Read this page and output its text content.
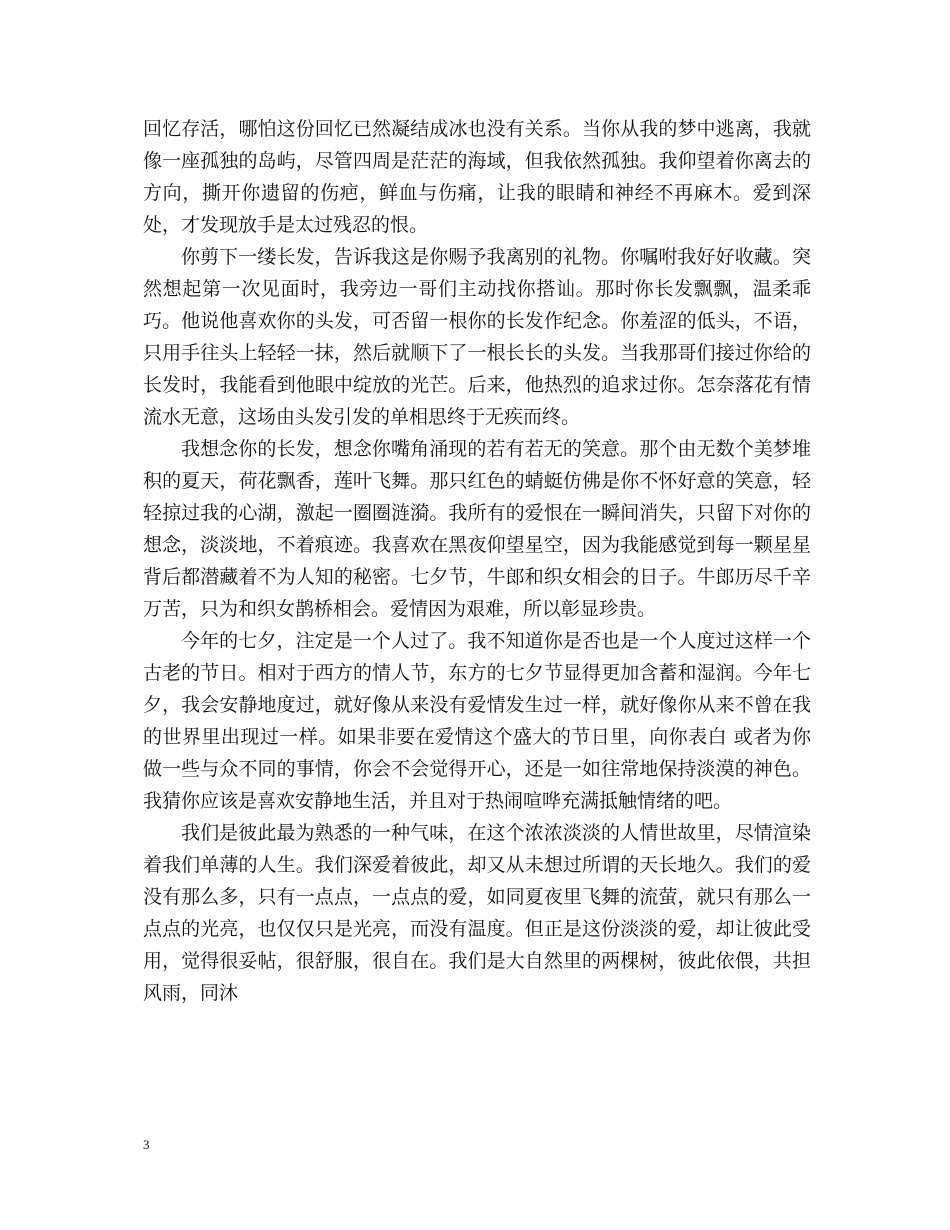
回忆存活，哪怕这份回忆已然凝结成冰也没有关系。当你从我的梦中逃离，我就像一座孤独的岛屿，尽管四周是茫茫的海域，但我依然孤独。我仰望着你离去的方向，撕开你遗留的伤疤，鲜血与伤痛，让我的眼睛和神经不再麻木。爱到深处，才发现放手是太过残忍的恨。

你剪下一缕长发，告诉我这是你赐予我离别的礼物。你嘱咐我好好收藏。突然想起第一次见面时，我旁边一哥们主动找你搭讪。那时你长发飘飘，温柔乖巧。他说他喜欢你的头发，可否留一根你的长发作纪念。你羞涩的低头，不语，只用手往头上轻轻一抹，然后就顺下了一根长长的头发。当我那哥们接过你给的长发时，我能看到他眼中绽放的光芒。后来，他热烈的追求过你。怎奈落花有情流水无意，这场由头发引发的单相思终于无疾而终。

我想念你的长发，想念你嘴角涌现的若有若无的笑意。那个由无数个美梦堆积的夏天，荷花飘香，莲叶飞舞。那只红色的蜻蜓仿佛是你不怀好意的笑意，轻轻掠过我的心湖，激起一圈圈涟漪。我所有的爱恨在一瞬间消失，只留下对你的想念，淡淡地，不着痕迹。我喜欢在黑夜仰望星空，因为我能感觉到每一颗星星背后都潜藏着不为人知的秘密。七夕节，牛郎和织女相会的日子。牛郎历尽千辛万苦，只为和织女鹊桥相会。爱情因为艰难，所以彰显珍贵。

今年的七夕，注定是一个人过了。我不知道你是否也是一个人度过这样一个古老的节日。相对于西方的情人节，东方的七夕节显得更加含蓄和湿润。今年七夕，我会安静地度过，就好像从来没有爱情发生过一样，就好像你从来不曾在我的世界里出现过一样。如果非要在爱情这个盛大的节日里，向你表白 或者为你做一些与众不同的事情，你会不会觉得开心，还是一如往常地保持淡漠的神色。我猜你应该是喜欢安静地生活，并且对于热闹喧哗充满抵触情绪的吧。

我们是彼此最为熟悉的一种气味，在这个浓浓淡淡的人情世故里，尽情渲染着我们单薄的人生。我们深爱着彼此，却又从未想过所谓的天长地久。我们的爱没有那么多，只有一点点，一点点的爱，如同夏夜里飞舞的流萤，就只有那么一点点的光亮，也仅仅只是光亮，而没有温度。但正是这份淡淡的爱，却让彼此受用，觉得很妥帖，很舒服，很自在。我们是大自然里的两棵树，彼此依偎，共担风雨，同沐

3
